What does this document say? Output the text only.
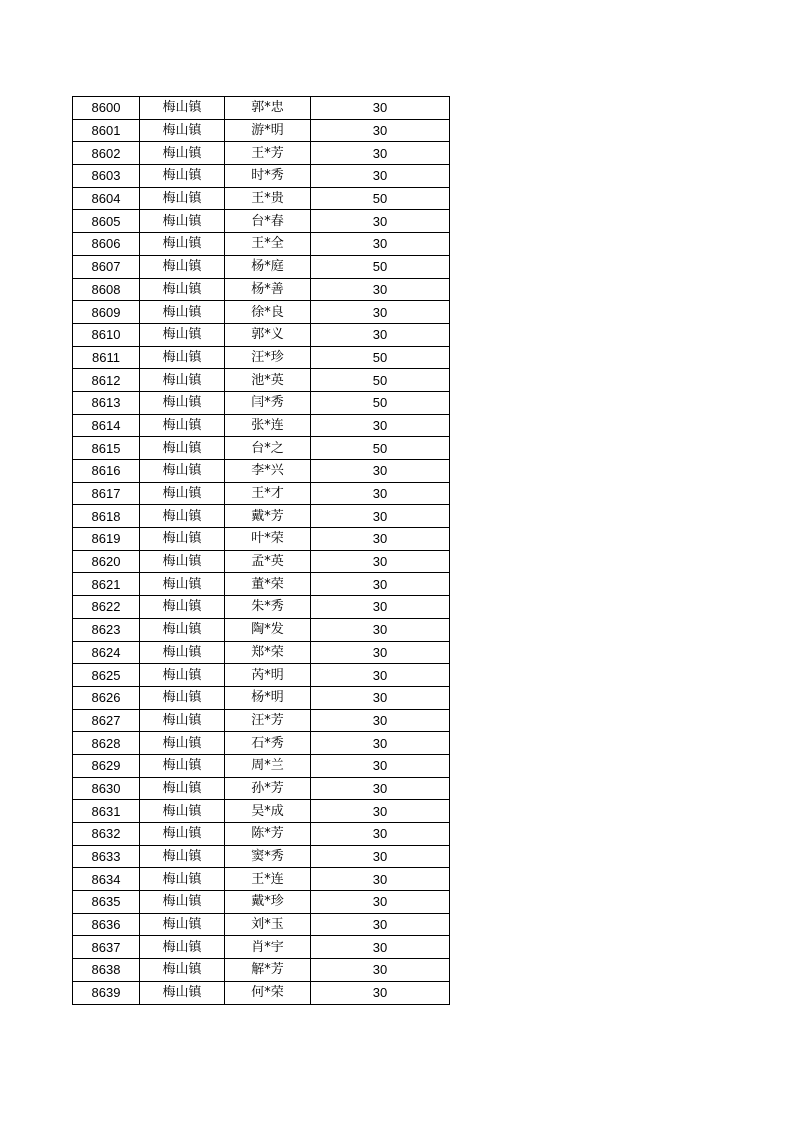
8600	梅山镇	郭*忠	30
8601	梅山镇	游*明	30
8602	梅山镇	王*芳	30
8603	梅山镇	时*秀	30
8604	梅山镇	王*贵	50
8605	梅山镇	台*春	30
8606	梅山镇	王*全	30
8607	梅山镇	杨*庭	50
8608	梅山镇	杨*善	30
8609	梅山镇	徐*良	30
8610	梅山镇	郭*义	30
8611	梅山镇	汪*珍	50
8612	梅山镇	池*英	50
8613	梅山镇	闫*秀	50
8614	梅山镇	张*连	30
8615	梅山镇	台*之	50
8616	梅山镇	李*兴	30
8617	梅山镇	王*才	30
8618	梅山镇	戴*芳	30
8619	梅山镇	叶*荣	30
8620	梅山镇	孟*英	30
8621	梅山镇	董*荣	30
8622	梅山镇	朱*秀	30
8623	梅山镇	陶*发	30
8624	梅山镇	郑*荣	30
8625	梅山镇	芮*明	30
8626	梅山镇	杨*明	30
8627	梅山镇	汪*芳	30
8628	梅山镇	石*秀	30
8629	梅山镇	周*兰	30
8630	梅山镇	孙*芳	30
8631	梅山镇	吴*成	30
8632	梅山镇	陈*芳	30
8633	梅山镇	窦*秀	30
8634	梅山镇	王*连	30
8635	梅山镇	戴*珍	30
8636	梅山镇	刘*玉	30
8637	梅山镇	肖*宇	30
8638	梅山镇	解*芳	30
8639	梅山镇	何*荣	30
